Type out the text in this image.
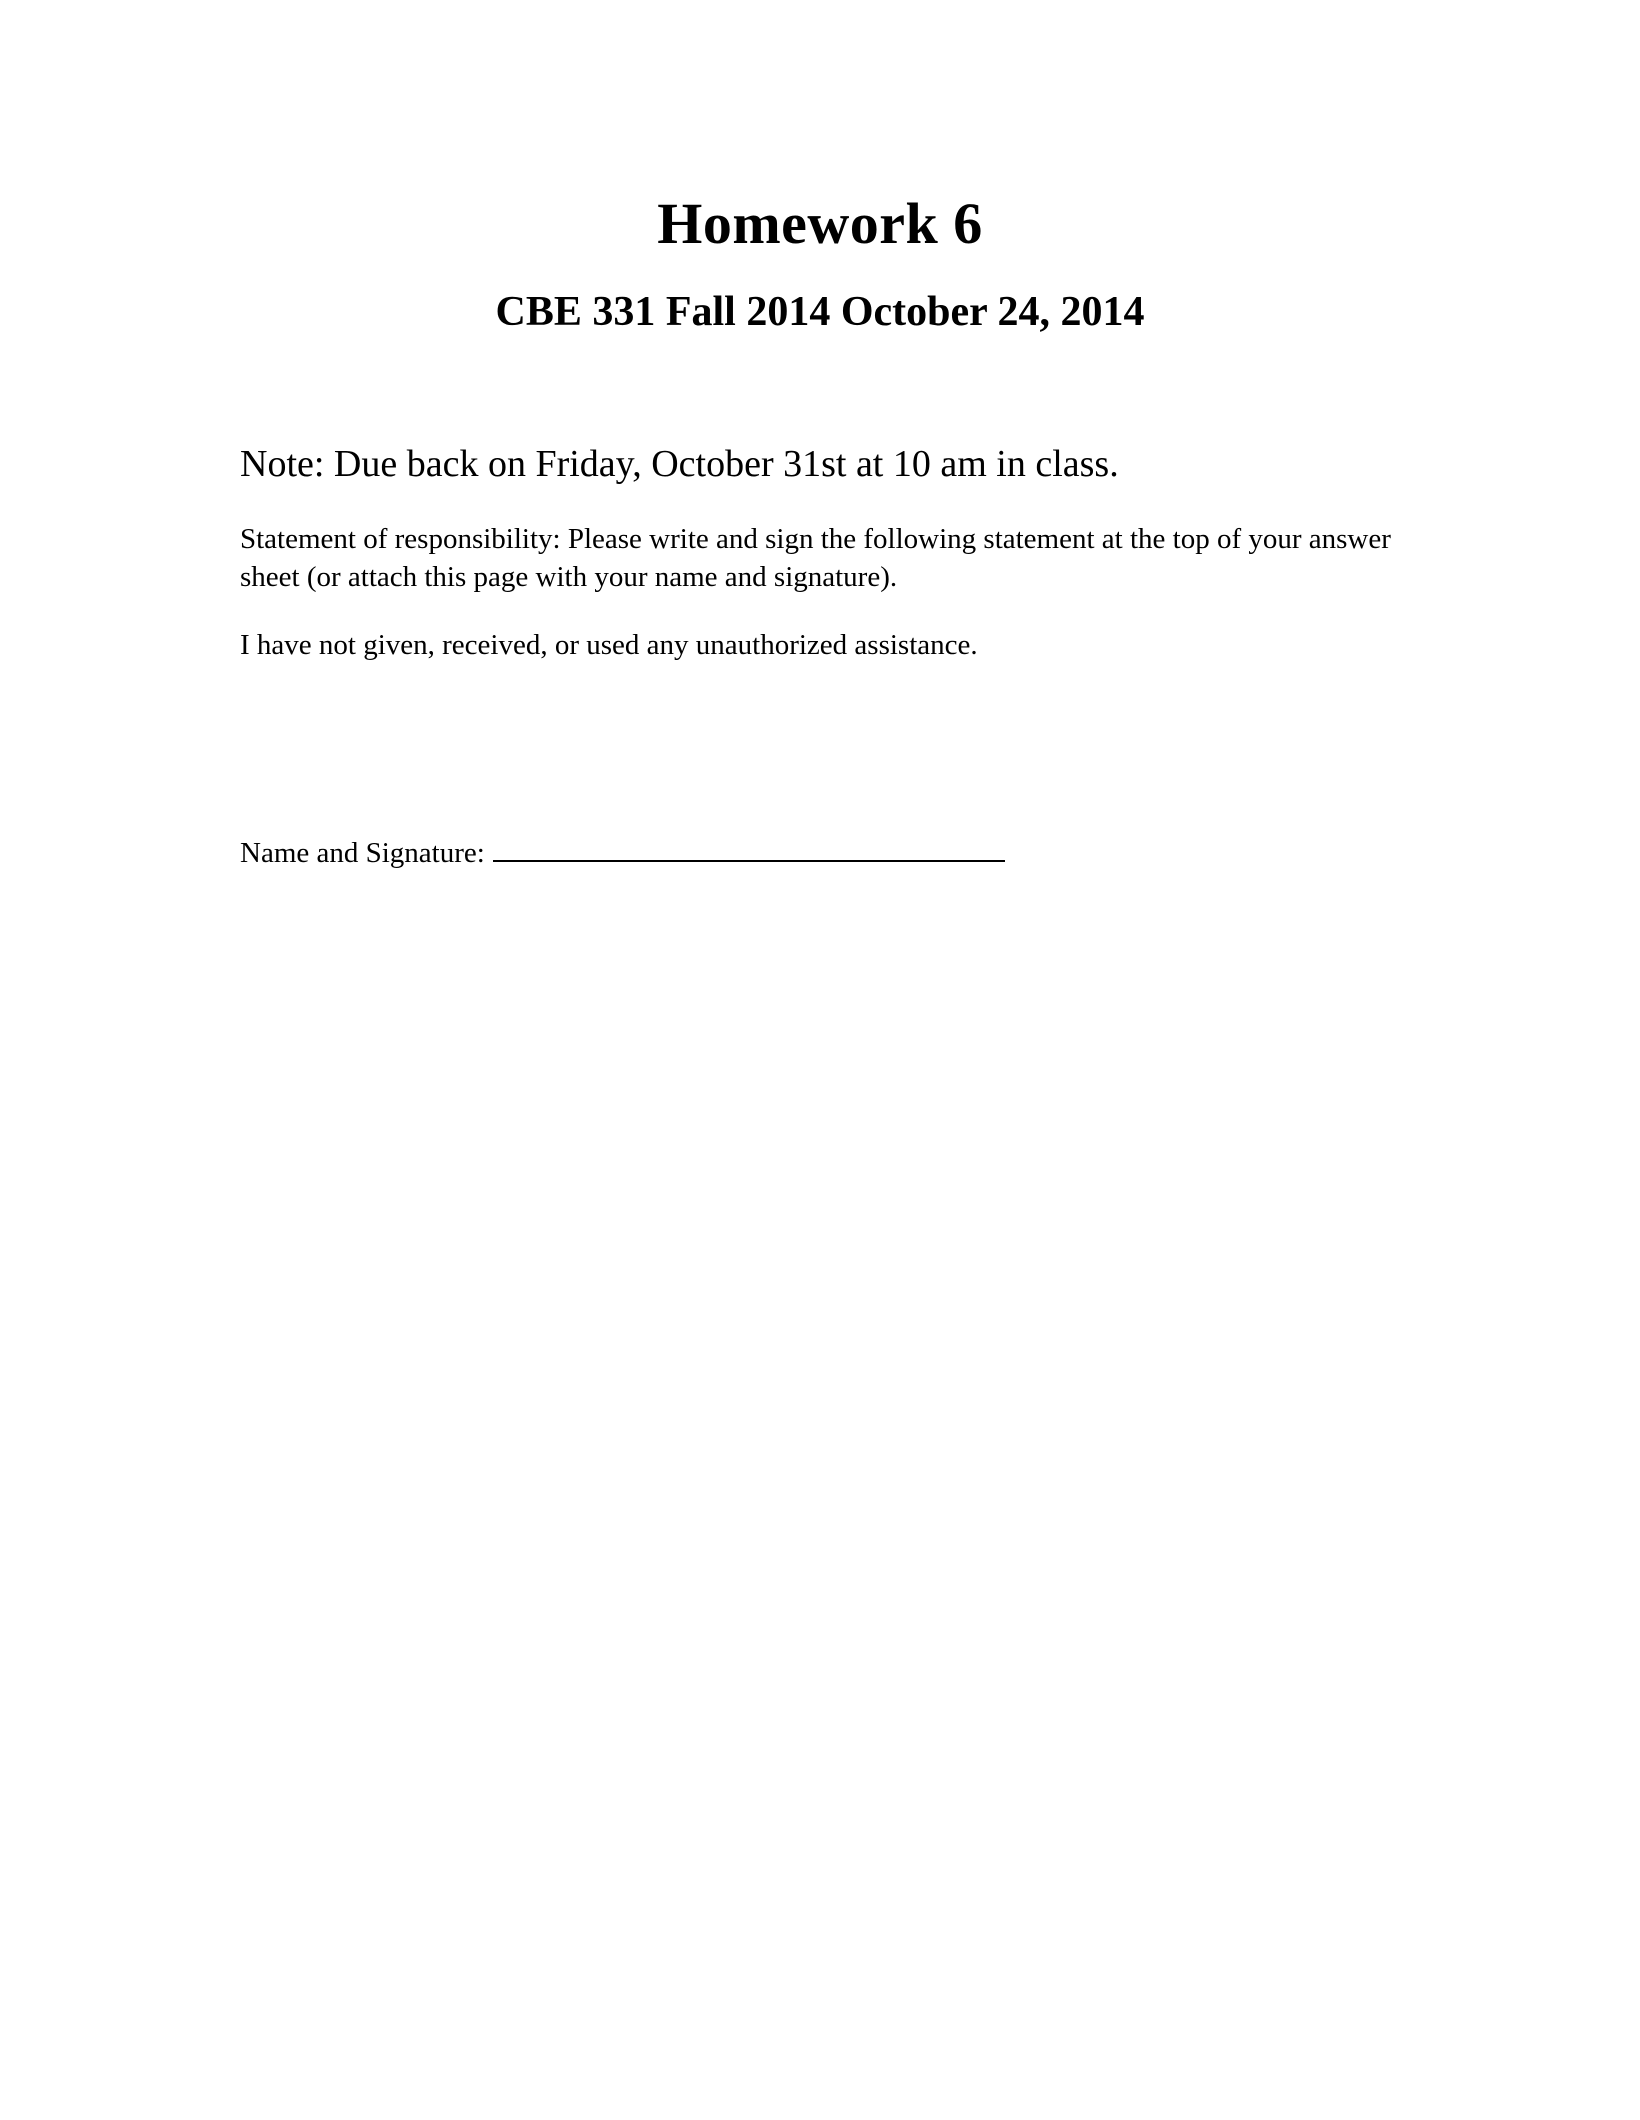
Homework 6
CBE 331 Fall 2014 October 24, 2014

Note: Due back on Friday, October 31st at 10 am in class.

Statement of responsibility: Please write and sign the following statement at the top of your answer sheet (or attach this page with your name and signature).

I have not given, received, or used any unauthorized assistance.

Name and Signature:
